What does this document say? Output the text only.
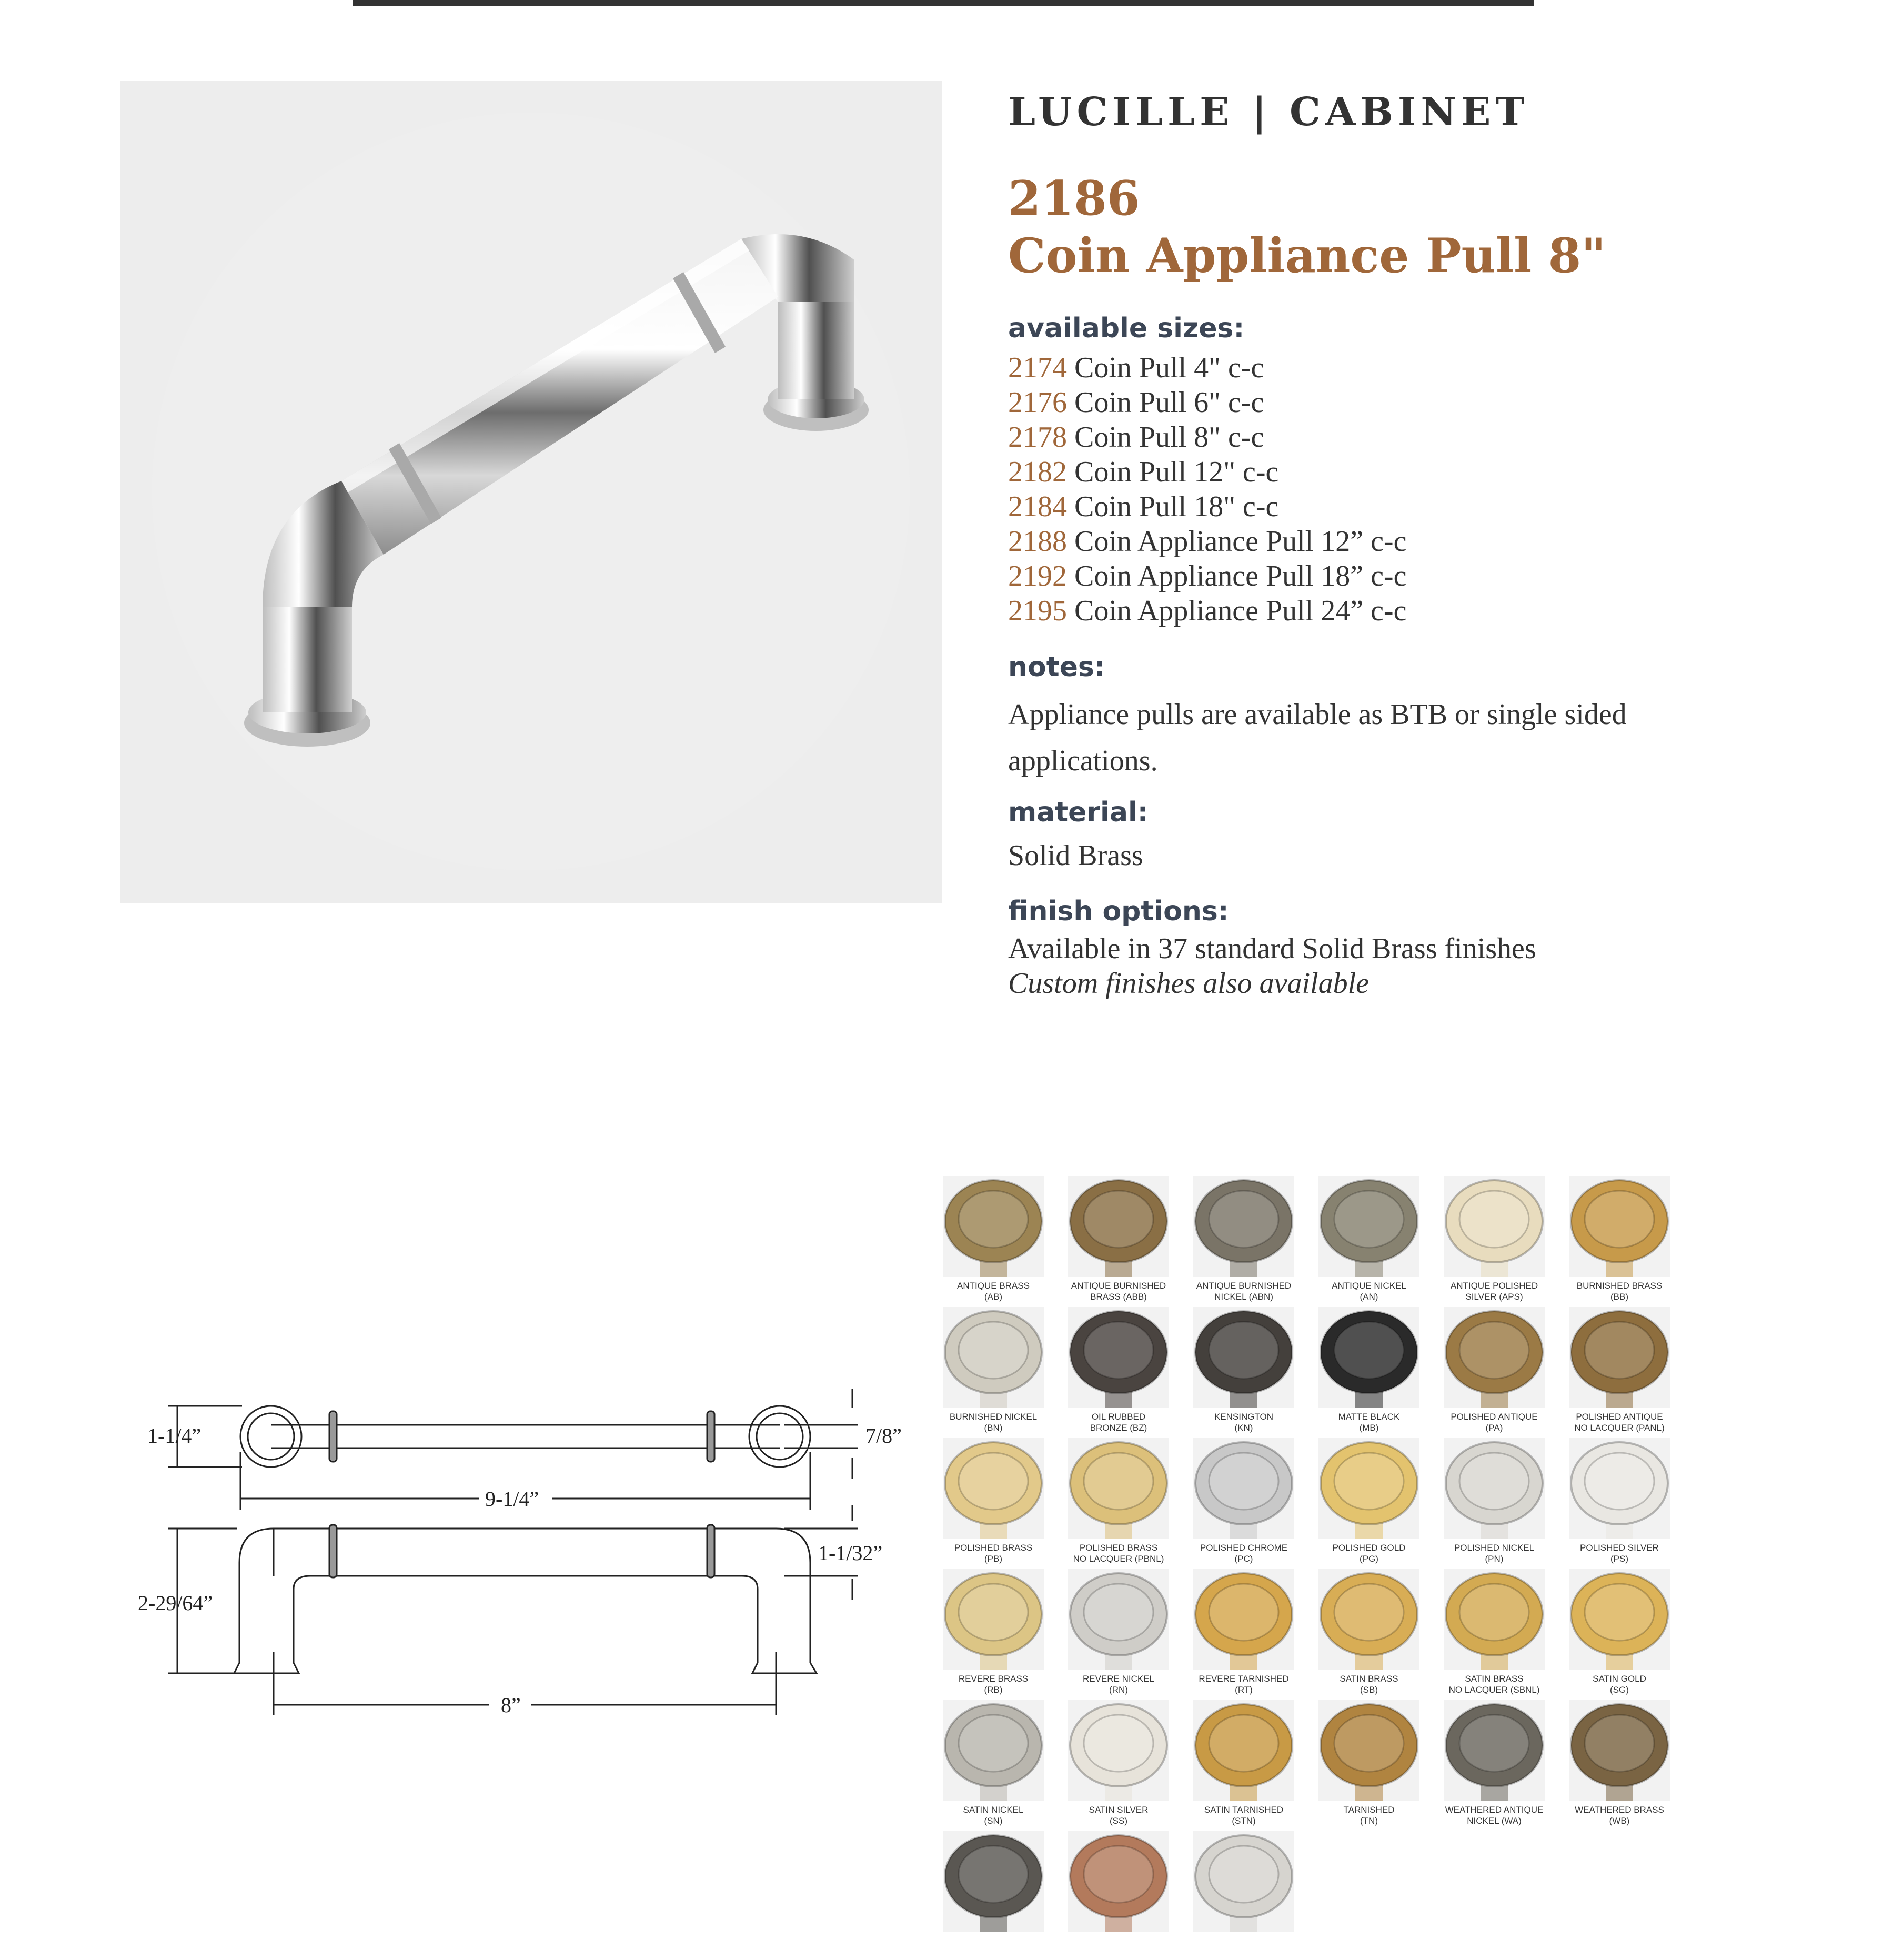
LUCILLE | CABINET
2186
Coin Appliance Pull 8"
available sizes:
2174 Coin Pull 4" c-c
2176 Coin Pull 6" c-c
2178 Coin Pull 8" c-c
2182 Coin Pull 12" c-c
2184 Coin Pull 18" c-c
2188 Coin Appliance Pull 12” c-c
2192 Coin Appliance Pull 18” c-c
2195 Coin Appliance Pull 24” c-c
notes:
Appliance pulls are available as BTB or single sided applications.
material:
Solid Brass
finish options:
Available in 37 standard Solid Brass finishes
Custom finishes also available
1-1/4”	7/8”
9-1/4”
1-1/32”
2-29/64”
8”
ANTIQUE BRASS
(AB)
ANTIQUE BURNISHED
BRASS (ABB)
ANTIQUE BURNISHED
NICKEL (ABN)
ANTIQUE NICKEL
(AN)
ANTIQUE POLISHED
SILVER (APS)
BURNISHED BRASS
(BB)
BURNISHED NICKEL
(BN)
OIL RUBBED
BRONZE (BZ)
KENSINGTON
(KN)
MATTE BLACK
(MB)
POLISHED ANTIQUE
(PA)
POLISHED ANTIQUE
NO LACQUER (PANL)
POLISHED BRASS
(PB)
POLISHED BRASS
NO LACQUER (PBNL)
POLISHED CHROME
(PC)
POLISHED GOLD
(PG)
POLISHED NICKEL
(PN)
POLISHED SILVER
(PS)
REVERE BRASS
(RB)
REVERE NICKEL
(RN)
REVERE TARNISHED
(RT)
SATIN BRASS
(SB)
SATIN BRASS
NO LACQUER (SBNL)
SATIN GOLD
(SG)
SATIN NICKEL
(SN)
SATIN SILVER
(SS)
SATIN TARNISHED
(STN)
TARNISHED
(TN)
WEATHERED ANTIQUE
NICKEL (WA)
WEATHERED BRASS
(WB)
